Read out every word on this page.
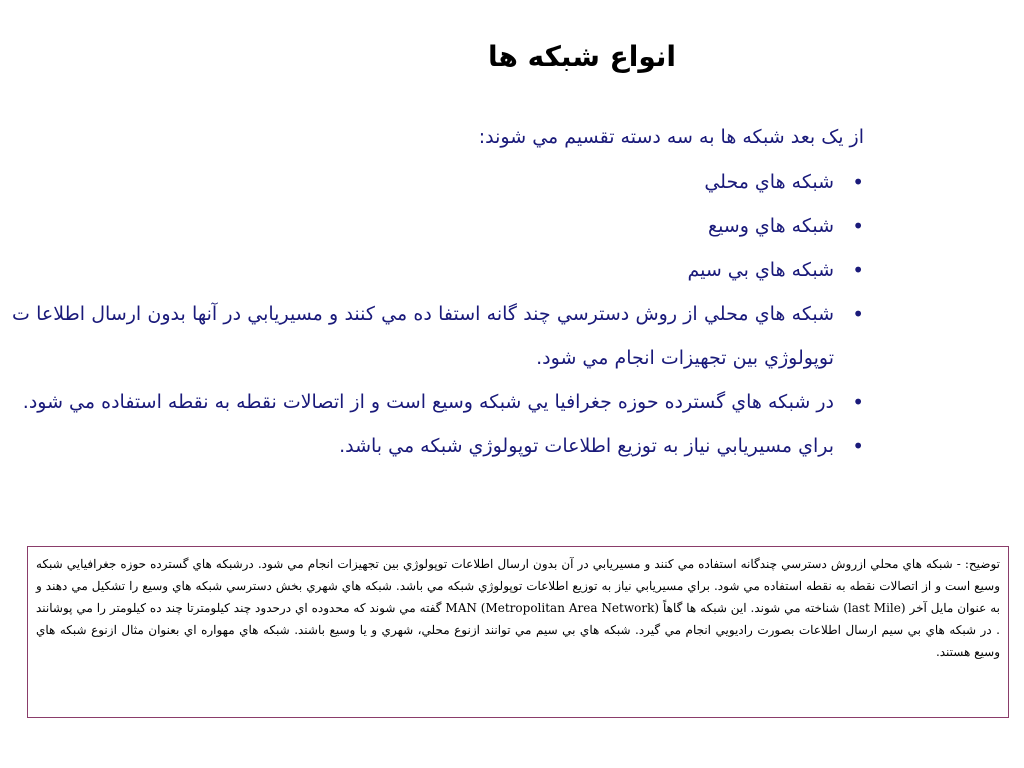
انواع شبکه ها

از يک بعد شبکه ها به سه دسته تقسيم مي شوند:

•
شبکه هاي محلي
•
شبکه هاي وسيع
•
شبکه هاي بي سيم
•
شبکه هاي محلي از روش دسترسي چند گانه استفا ده مي کنند و مسيريابي در آنها بدون ارسال اطلاعا ت توپولوژي بين تجهيزات انجام مي شود.
•
در شبکه هاي گسترده حوزه جغرافيا يي شبکه وسيع است و از اتصالات نقطه به نقطه استفاده مي شود.
•
براي مسيريابي نياز به توزيع اطلاعات توپولوژي شبکه مي باشد.
توضيح: - شبکه هاي محلي ازروش دسترسي چندگانه استفاده مي کنند و مسيريابي در آن بدون ارسال اطلاعات توپولوژي بين تجهيزات انجام مي شود. درشبکه هاي گسترده حوزه جغرافيايي شبکه وسيع است و از اتصالات نقطه به نقطه استفاده مي شود. براي مسيريابي نياز به توزيع اطلاعات توپولوژي شبکه مي باشد. شبکه هاي شهري بخش دسترسي شبکه هاي وسيع را تشکيل مي دهند و به عنوان مايل آخر (last Mile) شناخته مي شوند. اين شبکه ها گاهاً MAN (Metropolitan Area Network) گفته مي شوند که محدوده اي درحدود چند کيلومترتا چند ده کيلومتر را مي پوشانند . در شبکه هاي بي سيم ارسال اطلاعات بصورت راديويي انجام مي گيرد. شبکه هاي بي سيم مي توانند ازنوع محلي، شهري و يا وسيع باشند. شبکه هاي مهواره اي بعنوان مثال ازنوع شبکه هاي وسيع هستند.
